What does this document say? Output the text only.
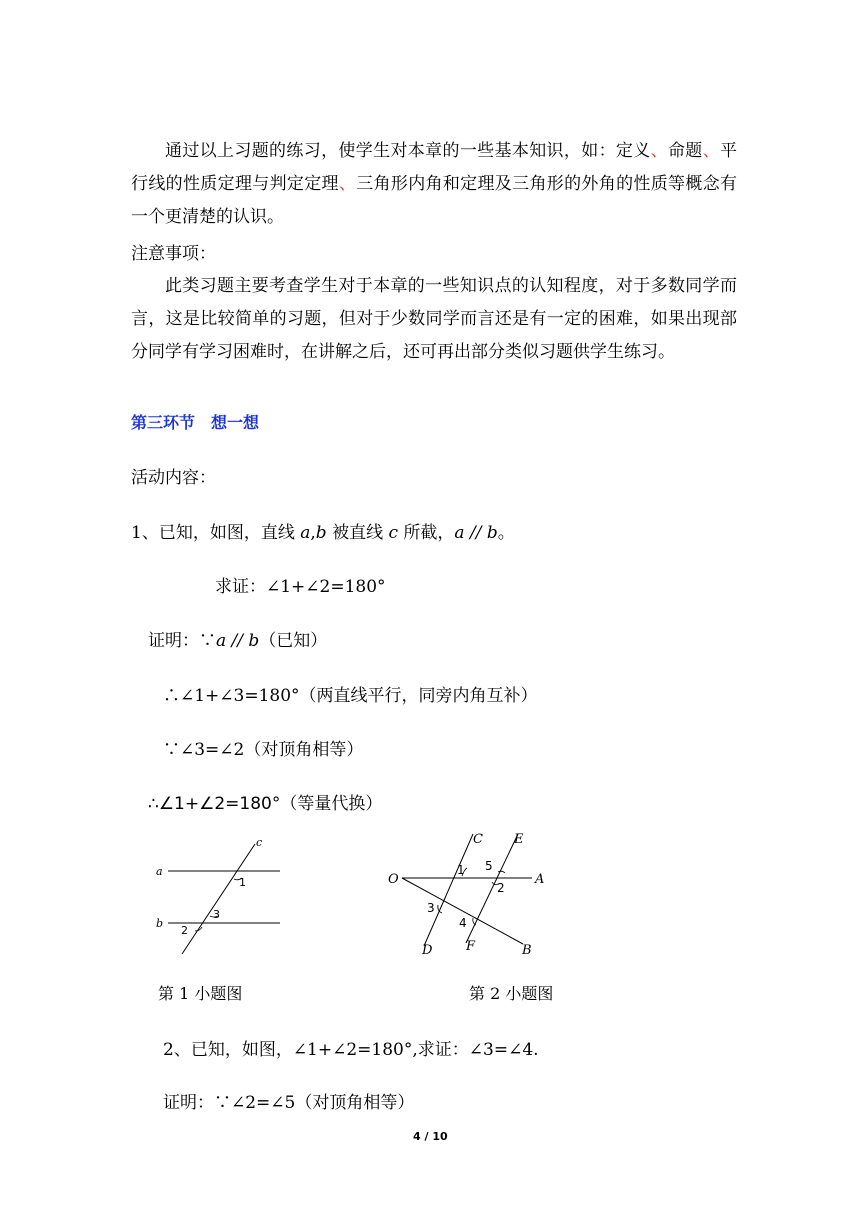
通过以上习题的练习，使学生对本章的一些基本知识，如：定义、命题、平行线的性质定理与判定定理、三角形内角和定理及三角形的外角的性质等概念有一个更清楚的认识。
注意事项：
此类习题主要考查学生对于本章的一些知识点的认知程度，对于多数同学而言，这是比较简单的习题，但对于少数同学而言还是有一定的困难，如果出现部分同学有学习困难时，在讲解之后，还可再出部分类似习题供学生练习。
第三环节　想一想
活动内容：
1、已知，如图，直线 a,b 被直线 c 所截，a // b。
求证：∠1+∠2=180°
证明：∵a // b（已知）
∴∠1+∠3=180°（两直线平行，同旁内角互补）
∵∠3=∠2（对顶角相等）
∴∠1+∠2=180°（等量代换）
a
b
c
1
3
2
第 1 小题图
O	A
C E
D	F	B
1 5
2
3
4
第 2 小题图
2、已知，如图，∠1+∠2=180°,求证：∠3=∠4.
证明：∵∠2=∠5（对顶角相等）
4 / 10
